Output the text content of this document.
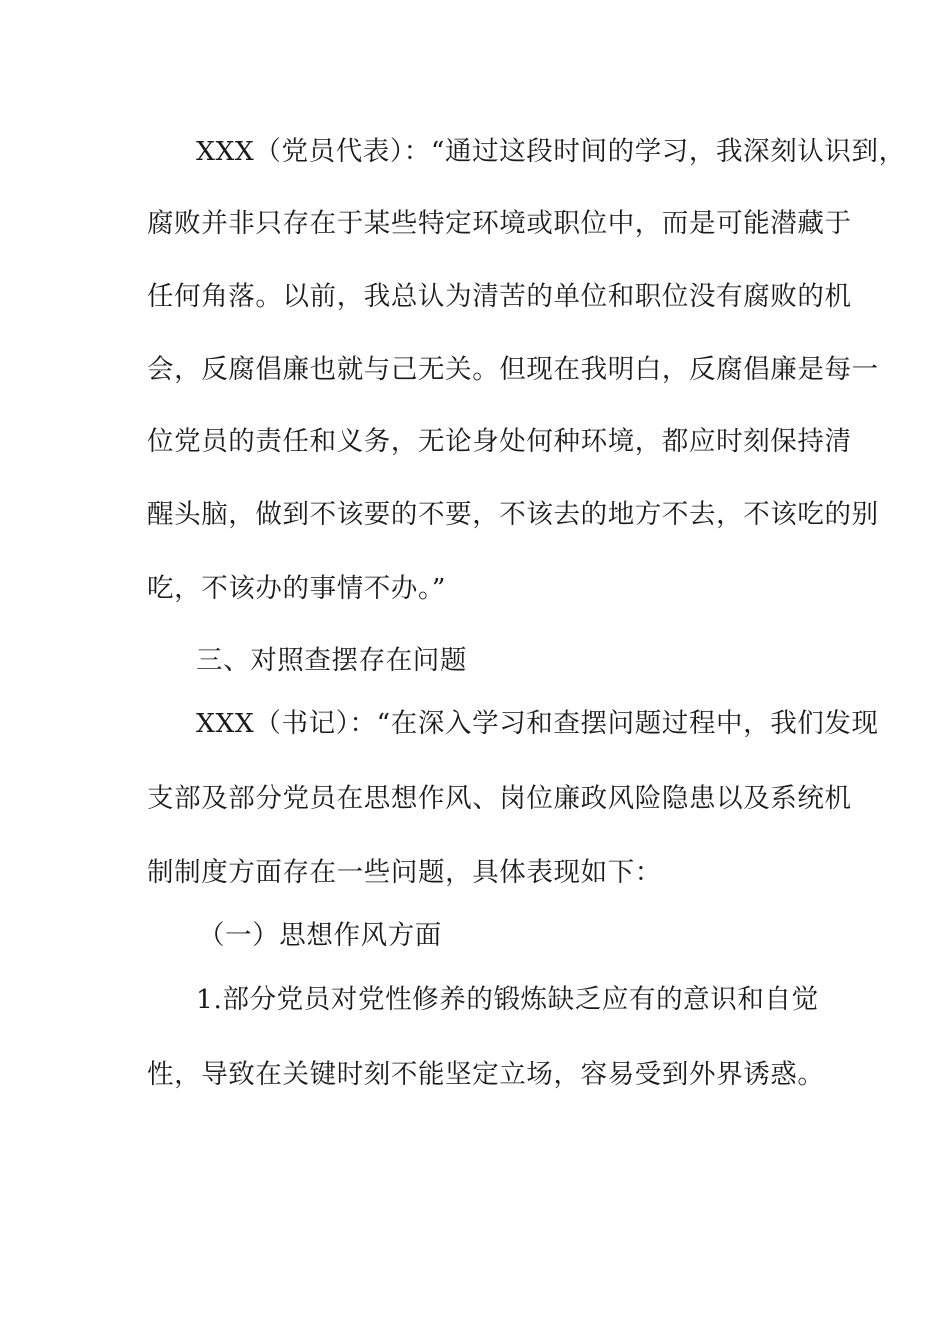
XXX（党员代表）：“通过这段时间的学习，我深刻认识到，
腐败并非只存在于某些特定环境或职位中，而是可能潜藏于
任何角落。以前，我总认为清苦的单位和职位没有腐败的机
会，反腐倡廉也就与己无关。但现在我明白，反腐倡廉是每一
位党员的责任和义务，无论身处何种环境，都应时刻保持清
醒头脑，做到不该要的不要，不该去的地方不去，不该吃的别
吃，不该办的事情不办。”
三、对照查摆存在问题
XXX（书记）：“在深入学习和查摆问题过程中，我们发现
支部及部分党员在思想作风、岗位廉政风险隐患以及系统机
制制度方面存在一些问题，具体表现如下：
（一）思想作风方面
1.部分党员对党性修养的锻炼缺乏应有的意识和自觉
性，导致在关键时刻不能坚定立场，容易受到外界诱惑。
